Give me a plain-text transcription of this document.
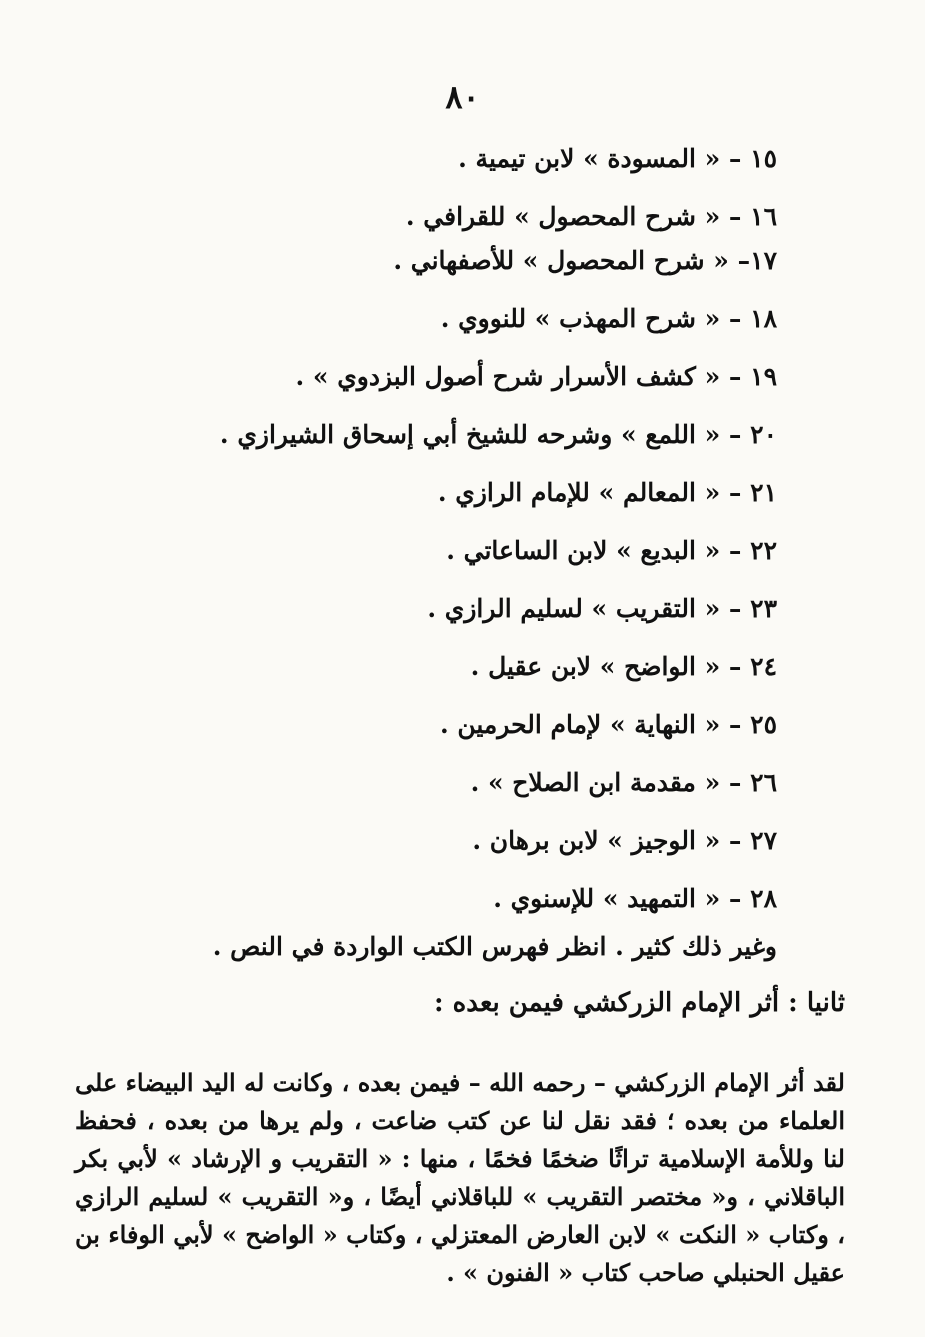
٨٠
١٥ – « المسودة » لابن تيمية .
١٦ – « شرح المحصول » للقرافي .
١٧– « شرح المحصول » للأصفهاني .
١٨ – « شرح المهذب » للنووي .
١٩ – « كشف الأسرار شرح أصول البزدوي » .
٢٠ – « اللمع » وشرحه للشيخ أبي إسحاق الشيرازي .
٢١ – « المعالم » للإمام الرازي .
٢٢ – « البديع » لابن الساعاتي .
٢٣ – « التقريب » لسليم الرازي .
٢٤ – « الواضح » لابن عقيل .
٢٥ – « النهاية » لإمام الحرمين .
٢٦ – « مقدمة ابن الصلاح » .
٢٧ – « الوجيز » لابن برهان .
٢٨ – « التمهيد » للإسنوي .
وغير ذلك كثير . انظر فهرس الكتب الواردة في النص .
ثانيا : أثر الإمام الزركشي فيمن بعده :

لقد أثر الإمام الزركشي – رحمه الله – فيمن بعده ، وكانت له اليد البيضاء على العلماء من بعده ؛ فقد نقل لنا عن كتب ضاعت ، ولم يرها من بعده ، فحفظ لنا وللأمة الإسلامية تراثًا ضخمًا فخمًا ، منها : « التقريب و الإرشاد » لأبي بكر الباقلاني ، و« مختصر التقريب » للباقلاني أيضًا ، و« التقريب » لسليم الرازي ، وكتاب « النكت » لابن العارض المعتزلي ، وكتاب « الواضح » لأبي الوفاء بن عقيل الحنبلي صاحب كتاب « الفنون » .
